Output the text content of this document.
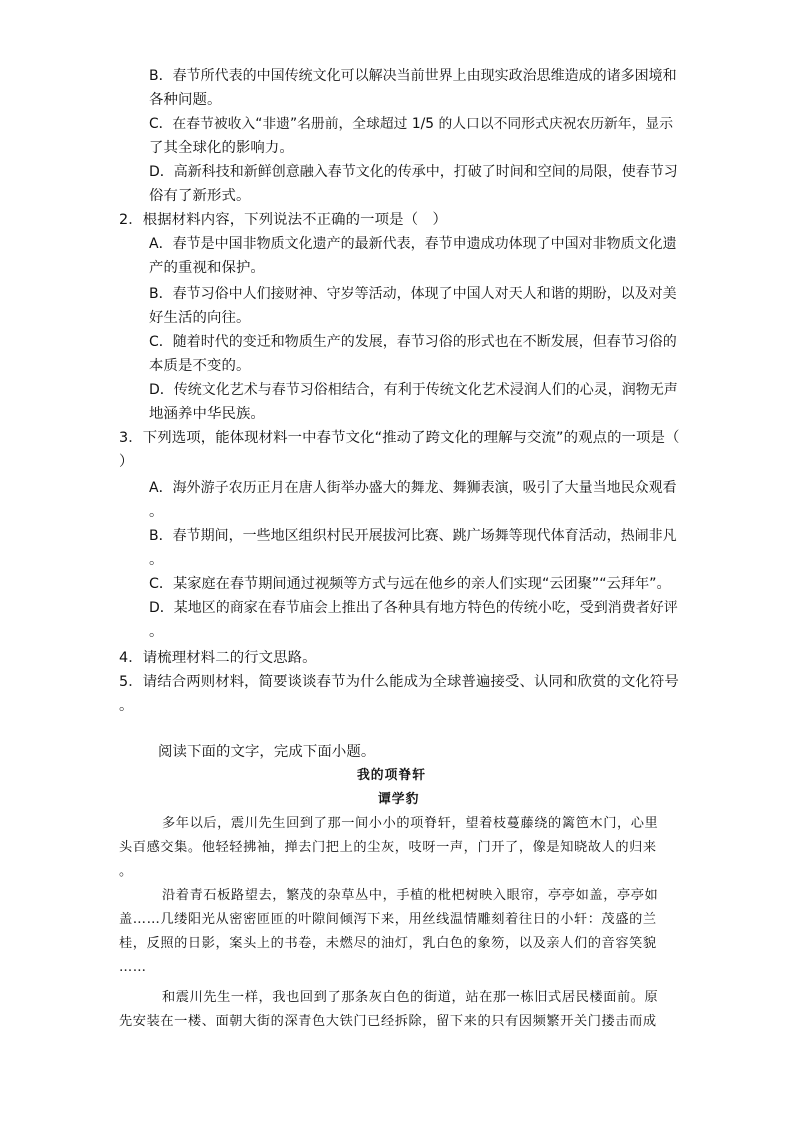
B．春节所代表的中国传统文化可以解决当前世界上由现实政治思维造成的诸多困境和
各种问题。
C．在春节被收入“非遗”名册前，全球超过 1/5 的人口以不同形式庆祝农历新年，显示
了其全球化的影响力。
D．高新科技和新鲜创意融入春节文化的传承中，打破了时间和空间的局限，使春节习
俗有了新形式。
2．根据材料内容，下列说法不正确的一项是（　）
A．春节是中国非物质文化遗产的最新代表，春节申遗成功体现了中国对非物质文化遗
产的重视和保护。
B．春节习俗中人们接财神、守岁等活动，体现了中国人对天人和谐的期盼，以及对美
好生活的向往。
C．随着时代的变迁和物质生产的发展，春节习俗的形式也在不断发展，但春节习俗的
本质是不变的。
D．传统文化艺术与春节习俗相结合，有利于传统文化艺术浸润人们的心灵，润物无声
地涵养中华民族。
3．下列选项，能体现材料一中春节文化“推动了跨文化的理解与交流”的观点的一项是（
）
A．海外游子农历正月在唐人街举办盛大的舞龙、舞狮表演，吸引了大量当地民众观看
。
B．春节期间，一些地区组织村民开展拔河比赛、跳广场舞等现代体育活动，热闹非凡
。
C．某家庭在春节期间通过视频等方式与远在他乡的亲人们实现“云团聚”“云拜年”。
D．某地区的商家在春节庙会上推出了各种具有地方特色的传统小吃，受到消费者好评
。
4．请梳理材料二的行文思路。
5．请结合两则材料，简要谈谈春节为什么能成为全球普遍接受、认同和欣赏的文化符号
。
阅读下面的文字，完成下面小题。
我的项脊轩
谭学豹
多年以后，震川先生回到了那一间小小的项脊轩，望着枝蔓藤绕的篱笆木门，心里
头百感交集。他轻轻拂袖，掸去门把上的尘灰，吱呀一声，门开了，像是知晓故人的归来
。
沿着青石板路望去，繁茂的杂草丛中，手植的枇杷树映入眼帘，亭亭如盖，亭亭如
盖……几缕阳光从密密匝匝的叶隙间倾泻下来，用丝线温情雕刻着往日的小轩：茂盛的兰
桂，反照的日影，案头上的书卷，未燃尽的油灯，乳白色的象笏，以及亲人们的音容笑貌
……
和震川先生一样，我也回到了那条灰白色的街道，站在那一栋旧式居民楼面前。原
先安装在一楼、面朝大街的深青色大铁门已经拆除，留下来的只有因频繁开关门搂击而成
